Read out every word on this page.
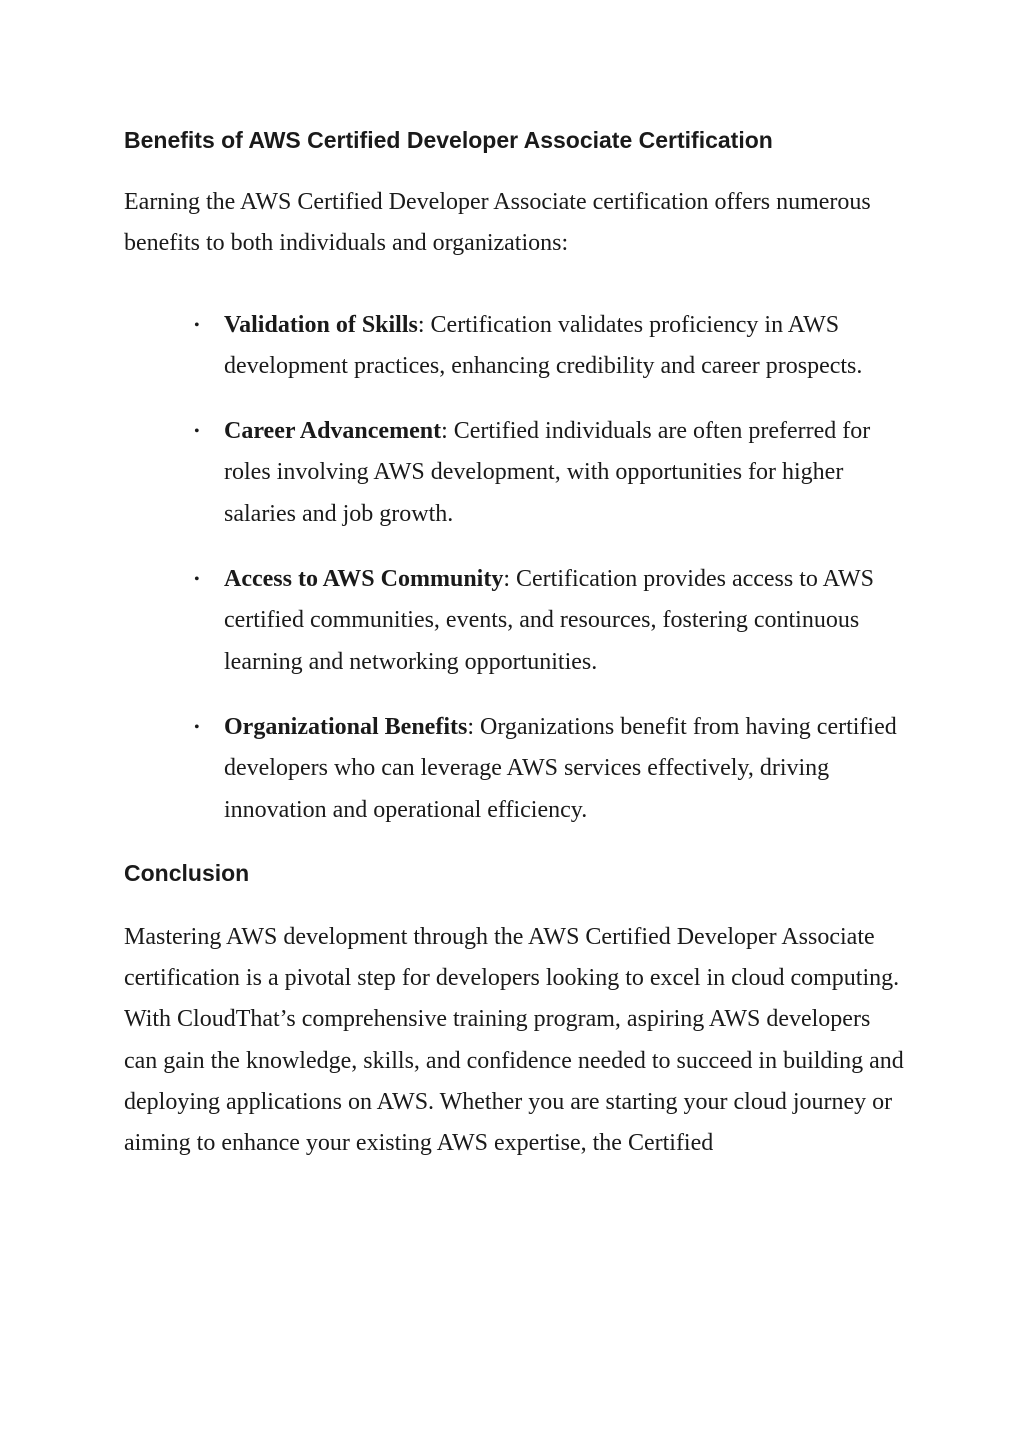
Benefits of AWS Certified Developer Associate Certification

Earning the AWS Certified Developer Associate certification offers numerous benefits to both individuals and organizations:

• Validation of Skills: Certification validates proficiency in AWS development practices, enhancing credibility and career prospects.
• Career Advancement: Certified individuals are often preferred for roles involving AWS development, with opportunities for higher salaries and job growth.
• Access to AWS Community: Certification provides access to AWS certified communities, events, and resources, fostering continuous learning and networking opportunities.
• Organizational Benefits: Organizations benefit from having certified developers who can leverage AWS services effectively, driving innovation and operational efficiency.
Conclusion

Mastering AWS development through the AWS Certified Developer Associate certification is a pivotal step for developers looking to excel in cloud computing. With CloudThat’s comprehensive training program, aspiring AWS developers can gain the knowledge, skills, and confidence needed to succeed in building and deploying applications on AWS. Whether you are starting your cloud journey or aiming to enhance your existing AWS expertise, the Certified
